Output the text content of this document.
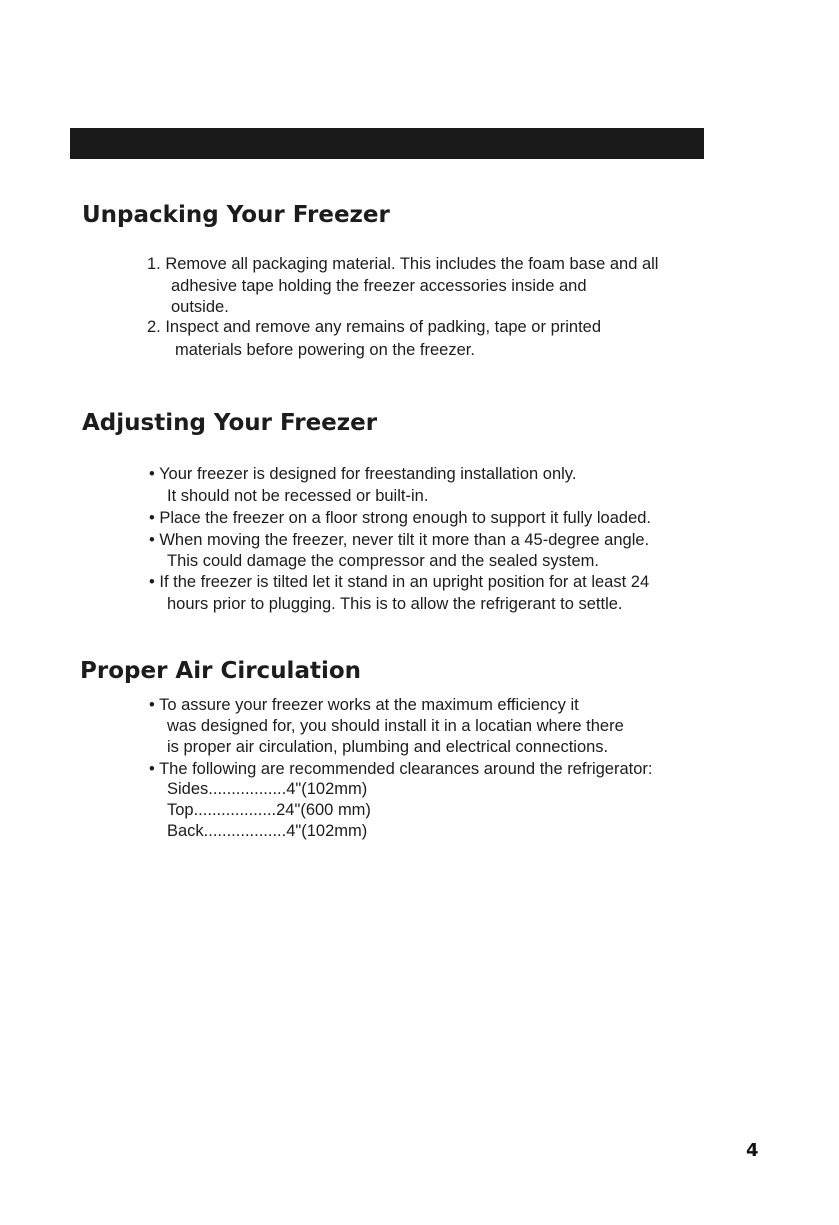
Unpacking Your Freezer

1. Remove all packaging material. This includes the foam base and all

adhesive tape holding the freezer accessories inside and

outside.

2. Inspect and remove any remains of padking, tape or printed

materials before powering on the freezer.

Adjusting Your Freezer

• Your freezer is designed for freestanding installation only.

It should not be recessed or built-in.

• Place the freezer on a floor strong enough to support it fully loaded.

• When moving the freezer, never tilt it more than a 45-degree angle.

This could damage the compressor and the sealed system.

• If the freezer is tilted let it stand in an upright position for at least 24

hours prior to plugging. This is to allow the refrigerant to settle.

Proper Air Circulation

• To assure your freezer works at the maximum efficiency it

was designed for, you should install it in a locatian where there

is proper air circulation, plumbing and electrical connections.

• The following are recommended clearances around the refrigerator:

Sides.................4"(102mm)

Top..................24"(600 mm)

Back..................4"(102mm)

4
